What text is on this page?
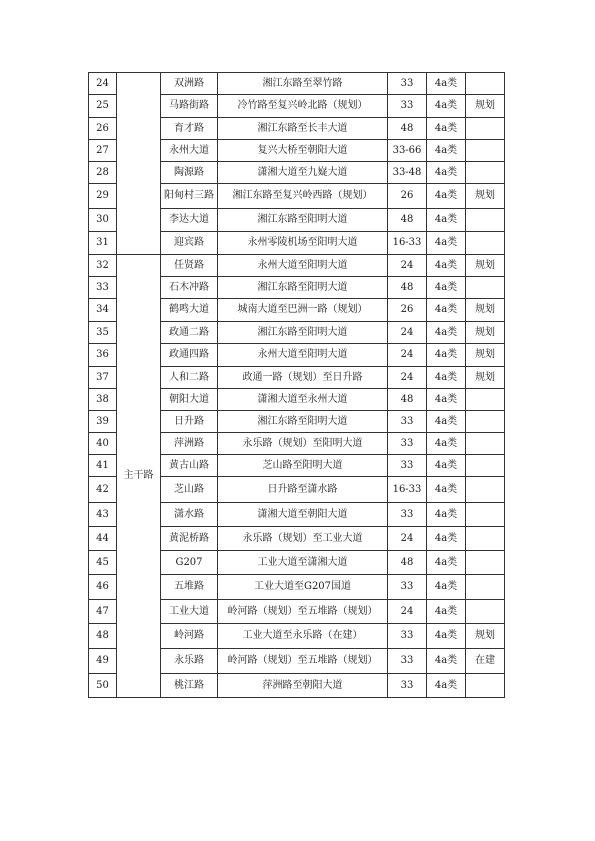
24		双洲路	湘江东路至翠竹路	33	4a类	
25		马路街路	冷竹路至复兴岭北路（规划）	33	4a类	规划
26		育才路	湘江东路至长丰大道	48	4a类	
27		永州大道	复兴大桥至朝阳大道	33-66	4a类	
28		陶源路	潇湘大道至九嶷大道	33-48	4a类	
29		阳甸村三路	湘江东路至复兴岭西路（规划）	26	4a类	规划
30		李达大道	湘江东路至阳明大道	48	4a类	
31		迎宾路	永州零陵机场至阳明大道	16-33	4a类	
32	主干路	任贤路	永州大道至阳明大道	24	4a类	规划
33		石木冲路	湘江东路至阳明大道	48	4a类	
34		鹤鸣大道	城南大道至巴洲一路（规划）	26	4a类	规划
35		政通二路	湘江东路至阳明大道	24	4a类	规划
36		政通四路	永州大道至阳明大道	24	4a类	规划
37		人和二路	政通一路（规划）至日升路	24	4a类	规划
38		朝阳大道	潇湘大道至永州大道	48	4a类	
39		日升路	湘江东路至阳明大道	33	4a类	
40		萍洲路	永乐路（规划）至阳明大道	33	4a类	
41		黄古山路	芝山路至阳明大道	33	4a类	
42		芝山路	日升路至潇水路	16-33	4a类	
43		潇水路	潇湘大道至朝阳大道	33	4a类	
44		黄泥桥路	永乐路（规划）至工业大道	24	4a类	
45		G207	工业大道至潇湘大道	48	4a类	
46		五堆路	工业大道至G207国道	33	4a类	
47		工业大道	岭河路（规划）至五堆路（规划）	24	4a类	
48		岭河路	工业大道至永乐路（在建）	33	4a类	规划
49		永乐路	岭河路（规划）至五堆路（规划）	33	4a类	在建
50		桃江路	萍洲路至朝阳大道	33	4a类	
